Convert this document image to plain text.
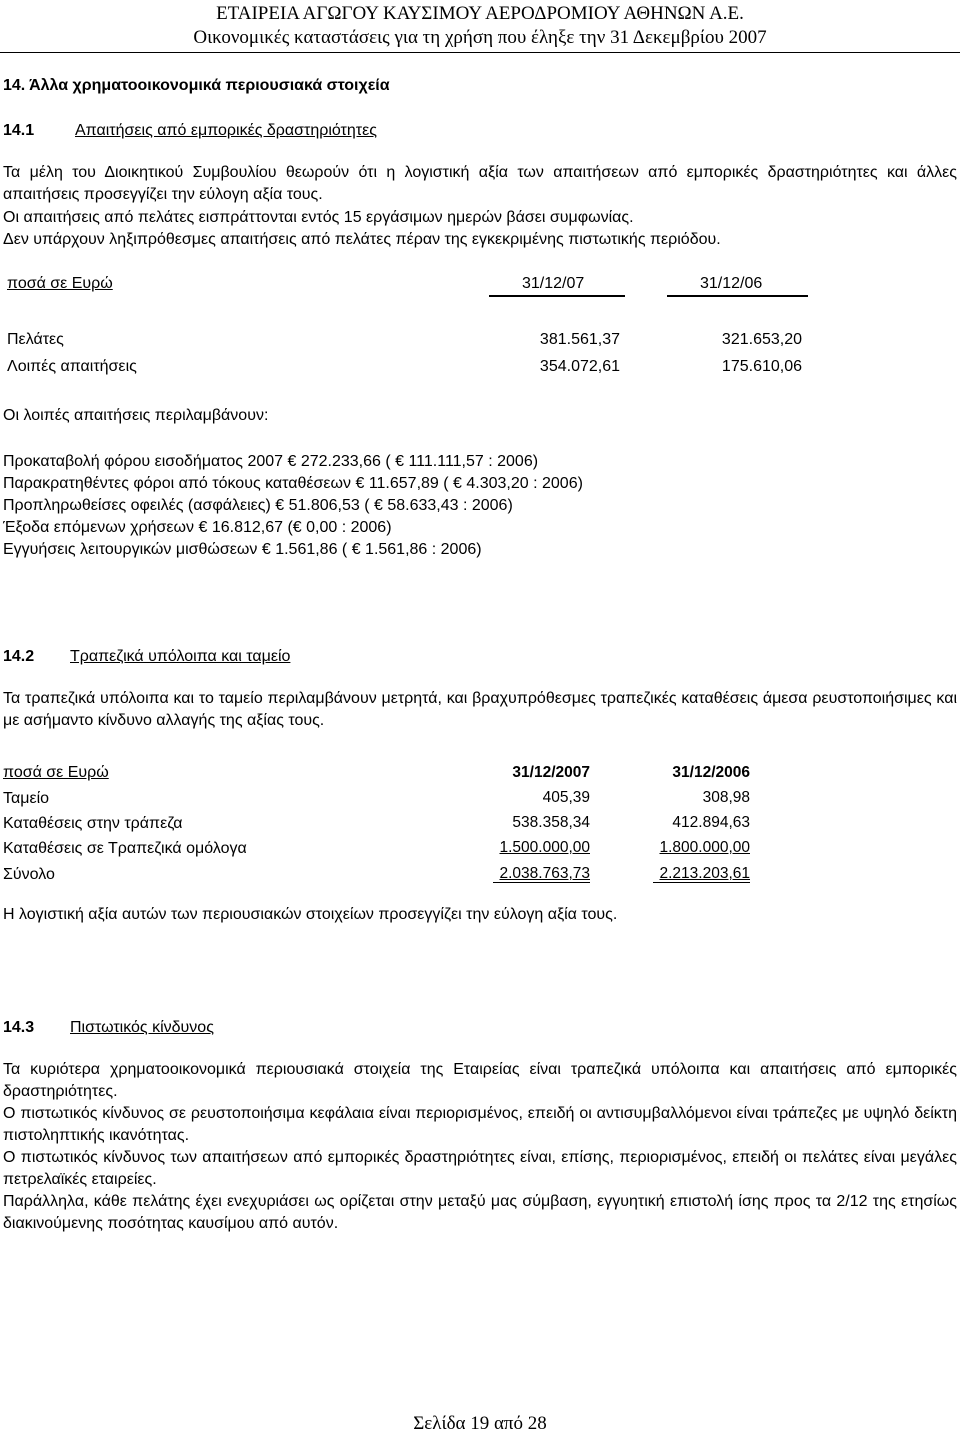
ΕΤΑΙΡΕΙΑ ΑΓΩΓΟΥ ΚΑΥΣΙΜΟΥ ΑΕΡΟΔΡΟΜΙΟΥ ΑΘΗΝΩΝ Α.Ε.
Οικονομικές καταστάσεις για τη χρήση που έληξε την 31 Δεκεμβρίου 2007
14. Άλλα χρηματοοικονομικά περιουσιακά στοιχεία
14.1	Απαιτήσεις από εμπορικές δραστηριότητες
Τα μέλη του Διοικητικού Συμβουλίου θεωρούν ότι η λογιστική αξία των απαιτήσεων από εμπορικές δραστηριότητες και άλλες απαιτήσεις προσεγγίζει την εύλογη αξία τους.
Οι απαιτήσεις από πελάτες εισπράττονται εντός 15 εργάσιμων ημερών βάσει συμφωνίας.
Δεν υπάρχουν ληξιπρόθεσμες απαιτήσεις από πελάτες πέραν της εγκεκριμένης πιστωτικής περιόδου.
ποσά σε Ευρώ	31/12/07	31/12/06
Πελάτες	381.561,37	321.653,20
Λοιπές απαιτήσεις	354.072,61	175.610,06
Οι λοιπές απαιτήσεις περιλαμβάνουν:
Προκαταβολή φόρου εισοδήματος 2007 € 272.233,66 ( € 111.111,57 : 2006)
Παρακρατηθέντες φόροι από τόκους καταθέσεων € 11.657,89 ( € 4.303,20 : 2006)
Προπληρωθείσες οφειλές (ασφάλειες) € 51.806,53 ( € 58.633,43 : 2006)
Έξοδα επόμενων χρήσεων € 16.812,67 (€ 0,00 : 2006)
Εγγυήσεις λειτουργικών μισθώσεων € 1.561,86 ( € 1.561,86 : 2006)
14.2 Τραπεζικά υπόλοιπα και ταμείο
Τα τραπεζικά υπόλοιπα και το ταμείο περιλαμβάνουν μετρητά, και βραχυπρόθεσμες τραπεζικές καταθέσεις άμεσα ρευστοποιήσιμες και με ασήμαντο κίνδυνο αλλαγής της αξίας τους.
ποσά σε Ευρώ	31/12/2007	31/12/2006
Ταμείο	405,39	308,98
Καταθέσεις στην τράπεζα	538.358,34	412.894,63
Καταθέσεις σε Τραπεζικά ομόλογα	1.500.000,00	1.800.000,00
Σύνολο	2.038.763,73	2.213.203,61
Η λογιστική αξία αυτών των περιουσιακών στοιχείων προσεγγίζει την εύλογη αξία τους.
14.3 Πιστωτικός κίνδυνος
Τα κυριότερα χρηματοοικονομικά περιουσιακά στοιχεία της Εταιρείας είναι τραπεζικά υπόλοιπα και απαιτήσεις από εμπορικές δραστηριότητες.
Ο πιστωτικός κίνδυνος σε ρευστοποιήσιμα κεφάλαια είναι περιορισμένος, επειδή οι αντισυμβαλλόμενοι είναι τράπεζες με υψηλό δείκτη πιστοληπτικής ικανότητας.
Ο πιστωτικός κίνδυνος των απαιτήσεων από εμπορικές δραστηριότητες είναι, επίσης, περιορισμένος, επειδή οι πελάτες είναι μεγάλες πετρελαϊκές εταιρείες.
Παράλληλα, κάθε πελάτης έχει ενεχυριάσει ως ορίζεται στην μεταξύ μας σύμβαση, εγγυητική επιστολή ίσης προς τα 2/12 της ετησίως διακινούμενης ποσότητας καυσίμου από αυτόν.
Σελίδα 19 από 28
